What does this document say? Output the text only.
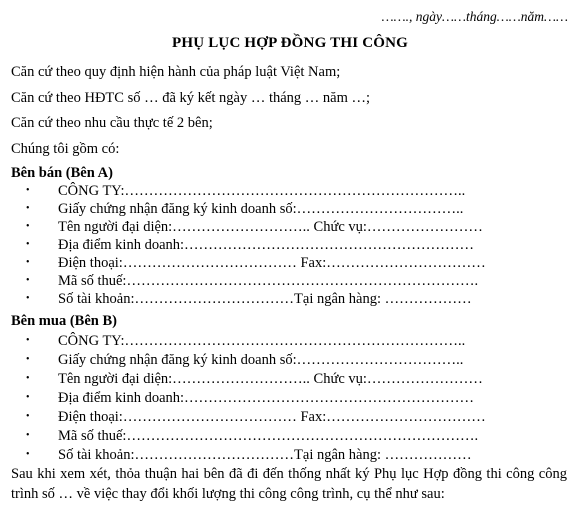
……., ngày……tháng……năm……
PHỤ LỤC HỢP ĐỒNG THI CÔNG
Căn cứ theo quy định hiện hành của pháp luật Việt Nam;
Căn cứ theo HĐTC số … đã ký kết ngày … tháng … năm …;
Căn cứ theo nhu cầu thực tế 2 bên;
Chúng tôi gồm có:
Bên bán (Bên A)
•	CÔNG TY:……………………………………………………………..
•	Giấy chứng nhận đăng ký kinh doanh số:……………………………..
•	Tên người đại diện:……………………….. Chức vụ:……………………
•	Địa điểm kinh doanh:……………………………………………………
•	Điện thoại:……………………………… Fax:……………………………
•	Mã số thuế:……………………………………………………………….
•	Số tài khoản:……………………………Tại ngân hàng: ………………
Bên mua (Bên B)
•	CÔNG TY:……………………………………………………………..
•	Giấy chứng nhận đăng ký kinh doanh số:……………………………..
•	Tên người đại diện:……………………….. Chức vụ:……………………
•	Địa điểm kinh doanh:……………………………………………………
•	Điện thoại:……………………………… Fax:……………………………
•	Mã số thuế:……………………………………………………………….
•	Số tài khoản:……………………………Tại ngân hàng: ………………
Sau khi xem xét, thỏa thuận hai bên đã đi đến thống nhất ký Phụ lục Hợp đồng thi công công trình số … về việc thay đổi khối lượng thi công công trình, cụ thể như sau:
